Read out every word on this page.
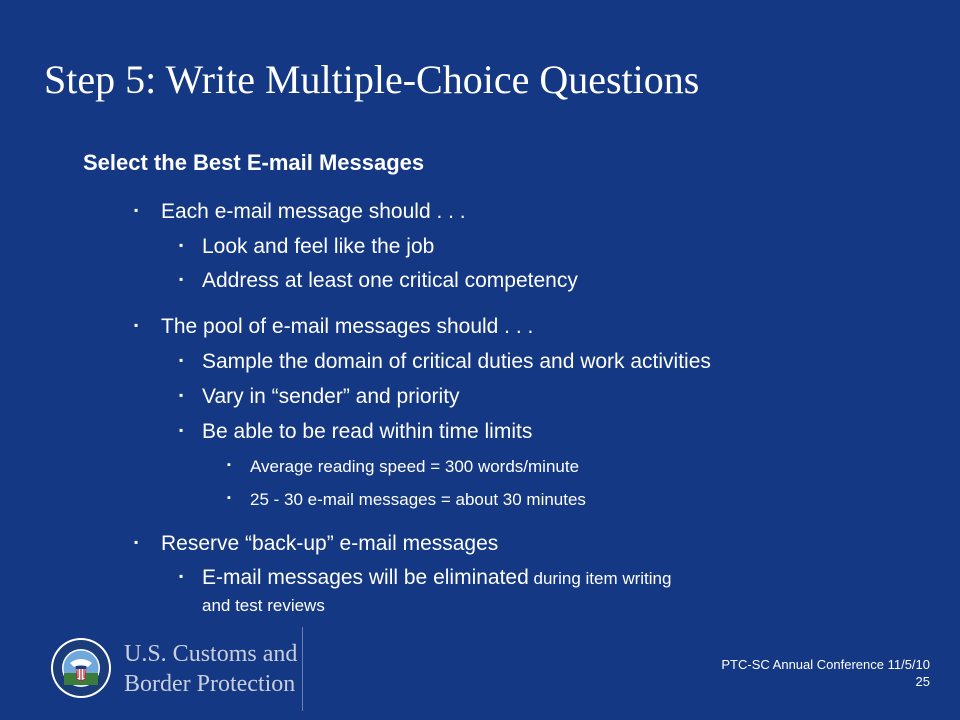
Step 5: Write Multiple-Choice Questions
Select the Best E-mail Messages
▪ Each e-mail message should . . .
▪ Look and feel like the job
▪ Address at least one critical competency
▪ The pool of e-mail messages should . . .
▪ Sample the domain of critical duties and work activities
▪ Vary in “sender” and priority
▪ Be able to be read within time limits
▪ Average reading speed = 300 words/minute
▪ 25 - 30 e-mail messages = about 30 minutes
▪ Reserve “back-up” e-mail messages
▪ E-mail messages will be eliminated during item writing
and test reviews
U.S. Customs and
Border Protection
PTC-SC Annual Conference 11/5/10
25
